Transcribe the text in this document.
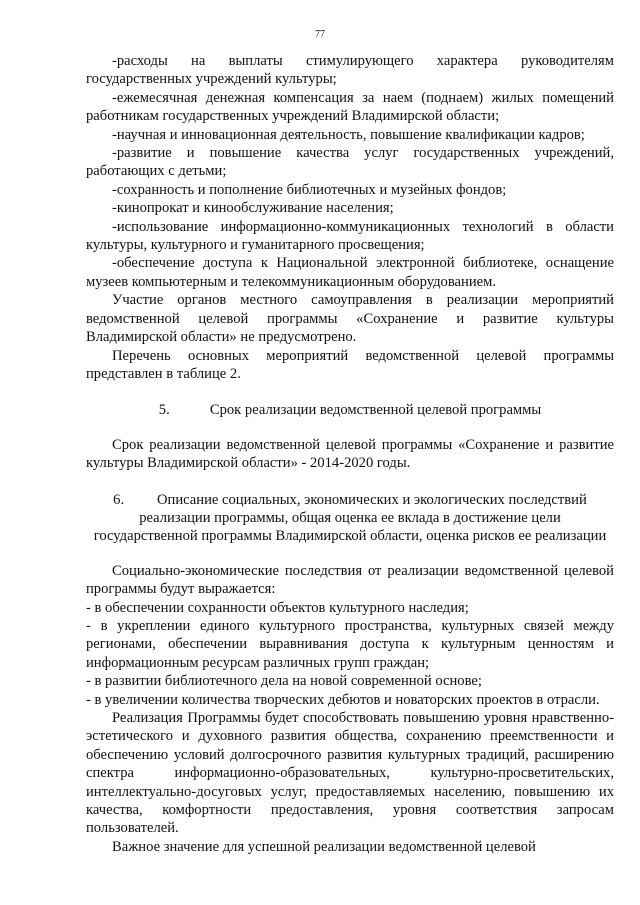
77

-расходы на выплаты стимулирующего характера руководителям государственных учреждений культуры;

-ежемесячная денежная компенсация за наем (поднаем) жилых помещений работникам государственных учреждений Владимирской области;

-научная и инновационная деятельность, повышение квалификации кадров;

-развитие и повышение качества услуг государственных учреждений, работающих с детьми;

-сохранность и пополнение библиотечных и музейных фондов;

-кинопрокат и кинообслуживание населения;

-использование информационно-коммуникационных технологий в области культуры, культурного и гуманитарного просвещения;

-обеспечение доступа к Национальной электронной библиотеке, оснащение музеев компьютерным и телекоммуникационным оборудованием.

Участие органов местного самоуправления в реализации мероприятий ведомственной целевой программы «Сохранение и развитие культуры Владимирской области» не предусмотрено.

Перечень основных мероприятий ведомственной целевой программы представлен в таблице 2.

5.	Срок реализации ведомственной целевой программы

Срок реализации ведомственной целевой программы «Сохранение и развитие культуры Владимирской области» - 2014-2020 годы.

6. Описание социальных, экономических и экологических последствий реализации программы, общая оценка ее вклада в достижение цели государственной программы Владимирской области, оценка рисков ее реализации

Социально-экономические последствия от реализации ведомственной целевой программы будут выражается:

- в обеспечении сохранности объектов культурного наследия;

- в укреплении единого культурного пространства, культурных связей между регионами, обеспечении выравнивания доступа к культурным ценностям и информационным ресурсам различных групп граждан;

- в развитии библиотечного дела на новой современной основе;

- в увеличении количества творческих дебютов и новаторских проектов в отрасли.

Реализация Программы будет способствовать повышению уровня нравственно-эстетического и духовного развития общества, сохранению преемственности и обеспечению условий долгосрочного развития культурных традиций, расширению спектра информационно-образовательных, культурно-просветительских, интеллектуально-досуговых услуг, предоставляемых населению, повышению их качества, комфортности предоставления, уровня соответствия запросам пользователей.

Важное значение для успешной реализации ведомственной целевой
